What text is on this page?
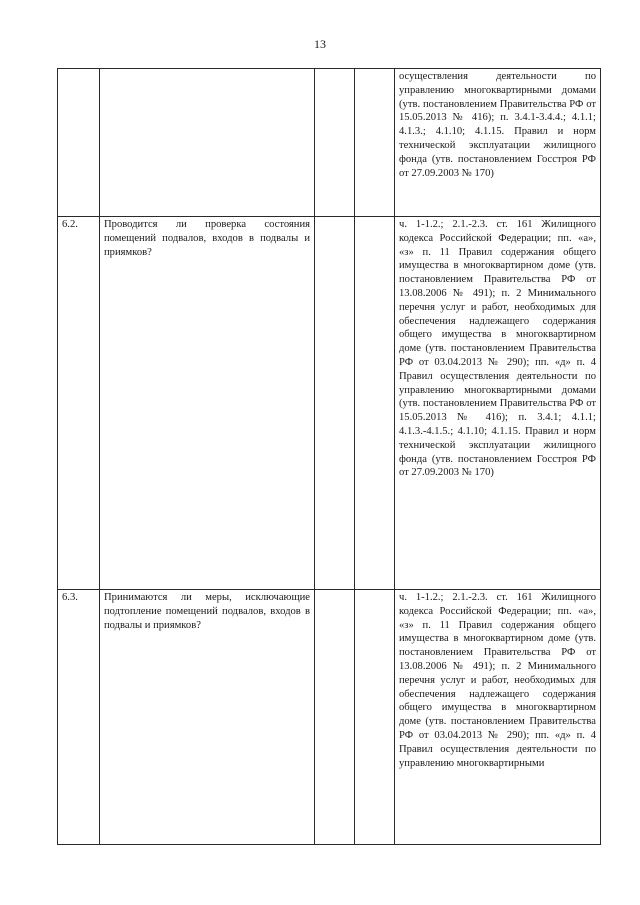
13
				осуществления деятельности по управлению многоквартирными домами (утв. постановлением Правительства РФ от 15.05.2013 № 416); п. 3.4.1-3.4.4.; 4.1.1; 4.1.3.; 4.1.10; 4.1.15. Правил и норм технической эксплуатации жилищного фонда (утв. постановлением Госстроя РФ от 27.09.2003 № 170)
6.2.	Проводится ли проверка состояния помещений подвалов, входов в подвалы и приямков?			ч. 1-1.2.; 2.1.-2.3. ст. 161 Жилищного кодекса Российской Федерации; пп. «а», «з» п. 11 Правил содержания общего имущества в многоквартирном доме (утв. постановлением Правительства РФ от 13.08.2006 № 491); п. 2 Минимального перечня услуг и работ, необходимых для обеспечения надлежащего содержания общего имущества в многоквартирном доме (утв. постановлением Правительства РФ от 03.04.2013 № 290); пп. «д» п. 4 Правил осуществления деятельности по управлению многоквартирными домами (утв. постановлением Правительства РФ от 15.05.2013 № 416); п. 3.4.1; 4.1.1; 4.1.3.-4.1.5.; 4.1.10; 4.1.15. Правил и норм технической эксплуатации жилищного фонда (утв. постановлением Госстроя РФ от 27.09.2003 № 170)
6.3.	Принимаются ли меры, исключающие подтопление помещений подвалов, входов в подвалы и приямков?			ч. 1-1.2.; 2.1.-2.3. ст. 161 Жилищного кодекса Российской Федерации; пп. «а», «з» п. 11 Правил содержания общего имущества в многоквартирном доме (утв. постановлением Правительства РФ от 13.08.2006 № 491); п. 2 Минимального перечня услуг и работ, необходимых для обеспечения надлежащего содержания общего имущества в многоквартирном доме (утв. постановлением Правительства РФ от 03.04.2013 № 290); пп. «д» п. 4 Правил осуществления деятельности по управлению многоквартирными
